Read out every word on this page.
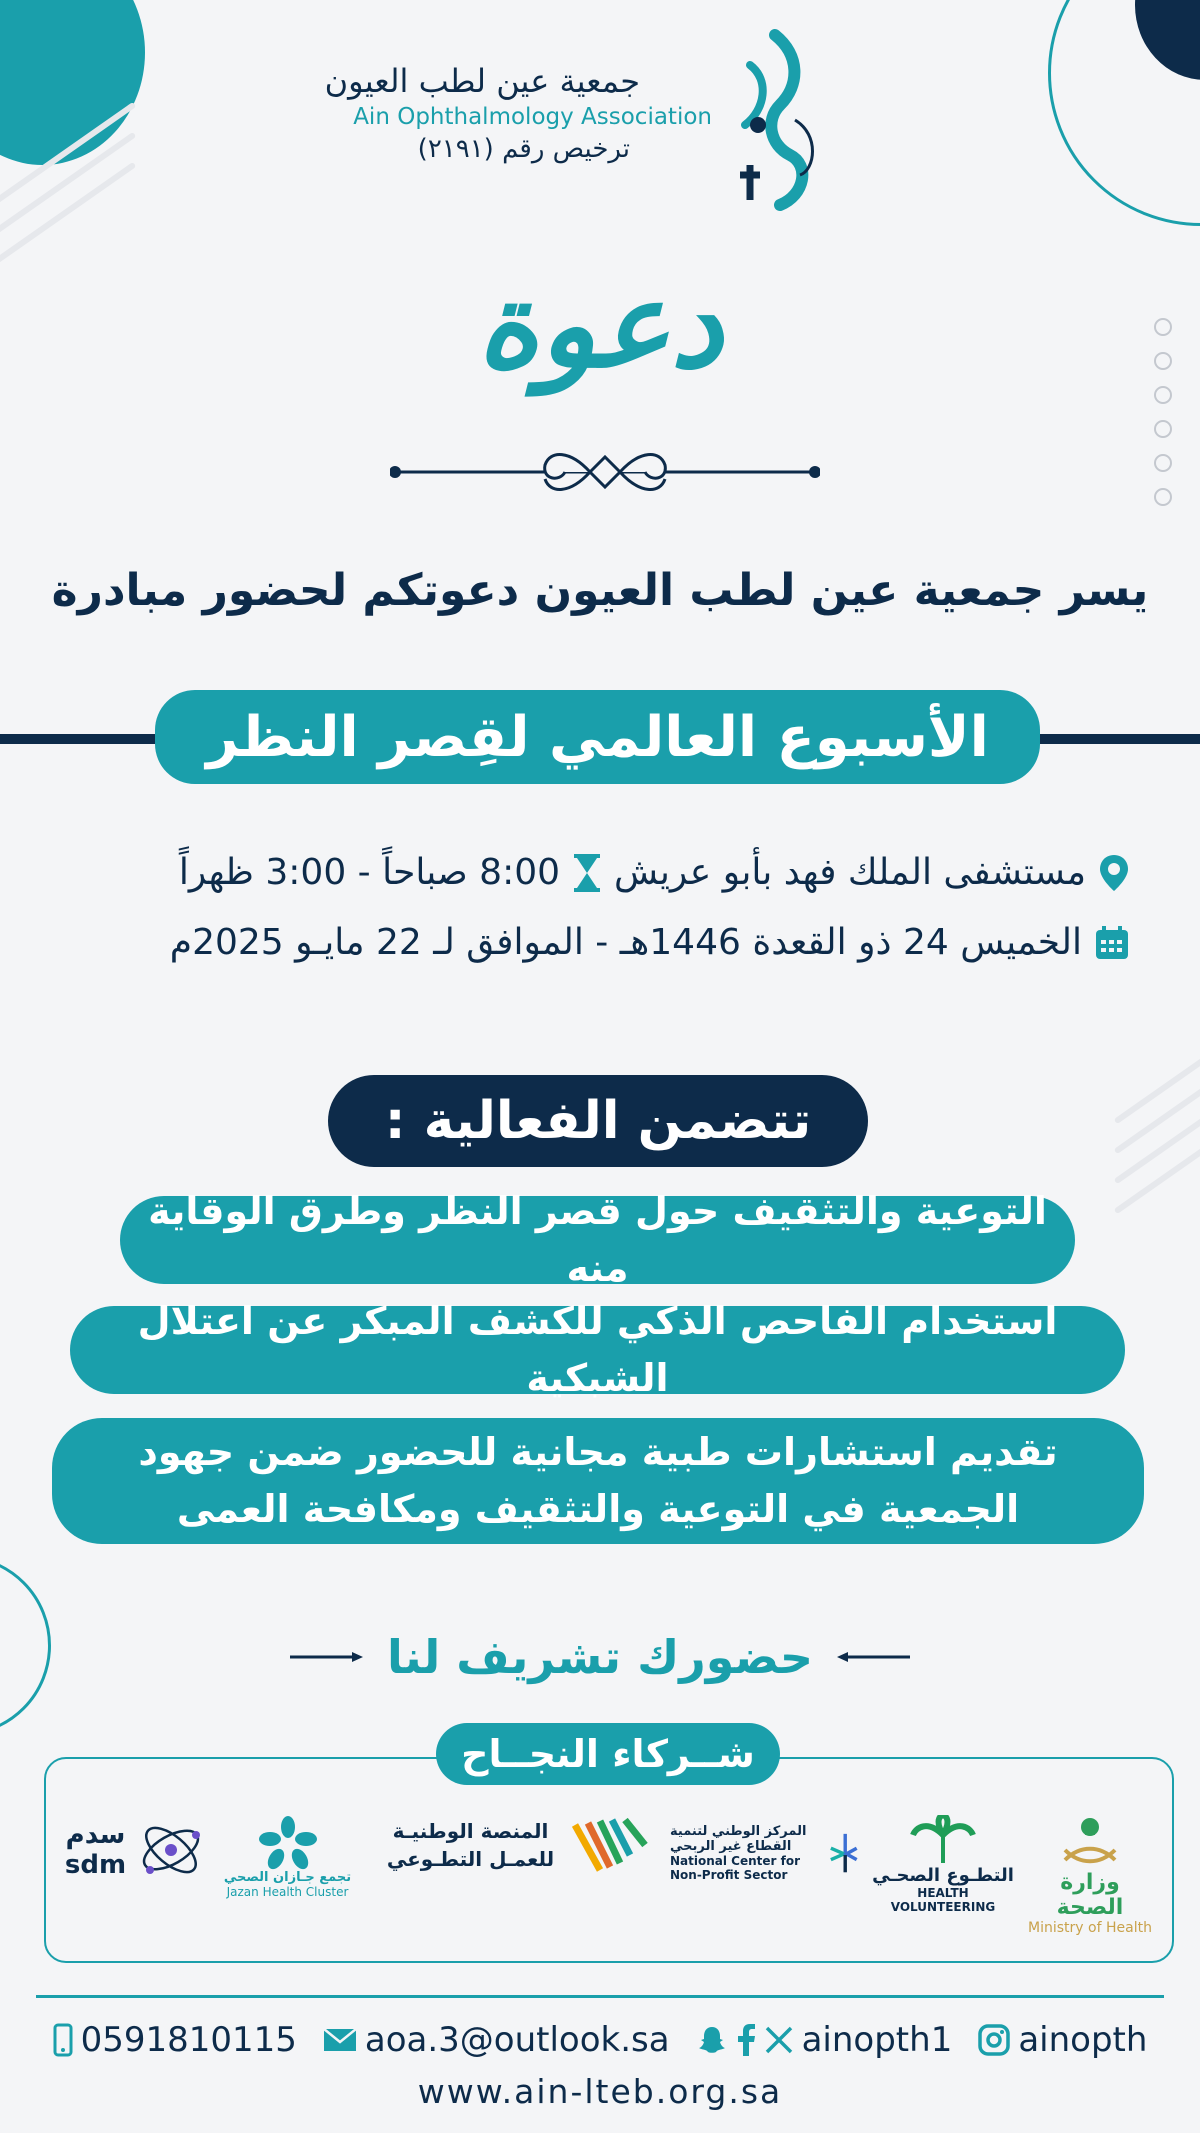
جمعية عين لطب العيون
Ain Ophthalmology Association
ترخيص رقم (٢١٩١)
دعوة
يسر جمعية عين لطب العيون دعوتكم لحضور مبادرة
الأسبوع العالمي لقِصر النظر
مستشفى الملك فهد بأبو عريش
8:00 صباحاً - 3:00 ظهراً
الخميس 24 ذو القعدة 1446هـ - الموافق لـ 22 مايـو 2025م
تتضمن الفعالية :
التوعية والتثقيف حول قصر النظر وطرق الوقاية منه
استخدام الفاحص الذكي للكشف المبكر عن اعتلال الشبكية
تقديم استشارات طبية مجانية للحضور ضمن جهود الجمعية في التوعية والتثقيف ومكافحة العمى
حضورك تشريف لنا
شــركاء النجــاح
وزارة الصحة
Ministry of Health
التطـوع الصحـي
HEALTH VOLUNTEERING
المركز الوطني لتنمية القطاع غير الربحي
National Center for Non-Profit Sector
المنصة الوطنيـة للعمـل التطـوعي
تجمع جـازان الصحي
Jazan Health Cluster
سدم
sdm
0591810115 aoa.3@outlook.sa	ainopth1 ainopth
www.ain-lteb.org.sa
